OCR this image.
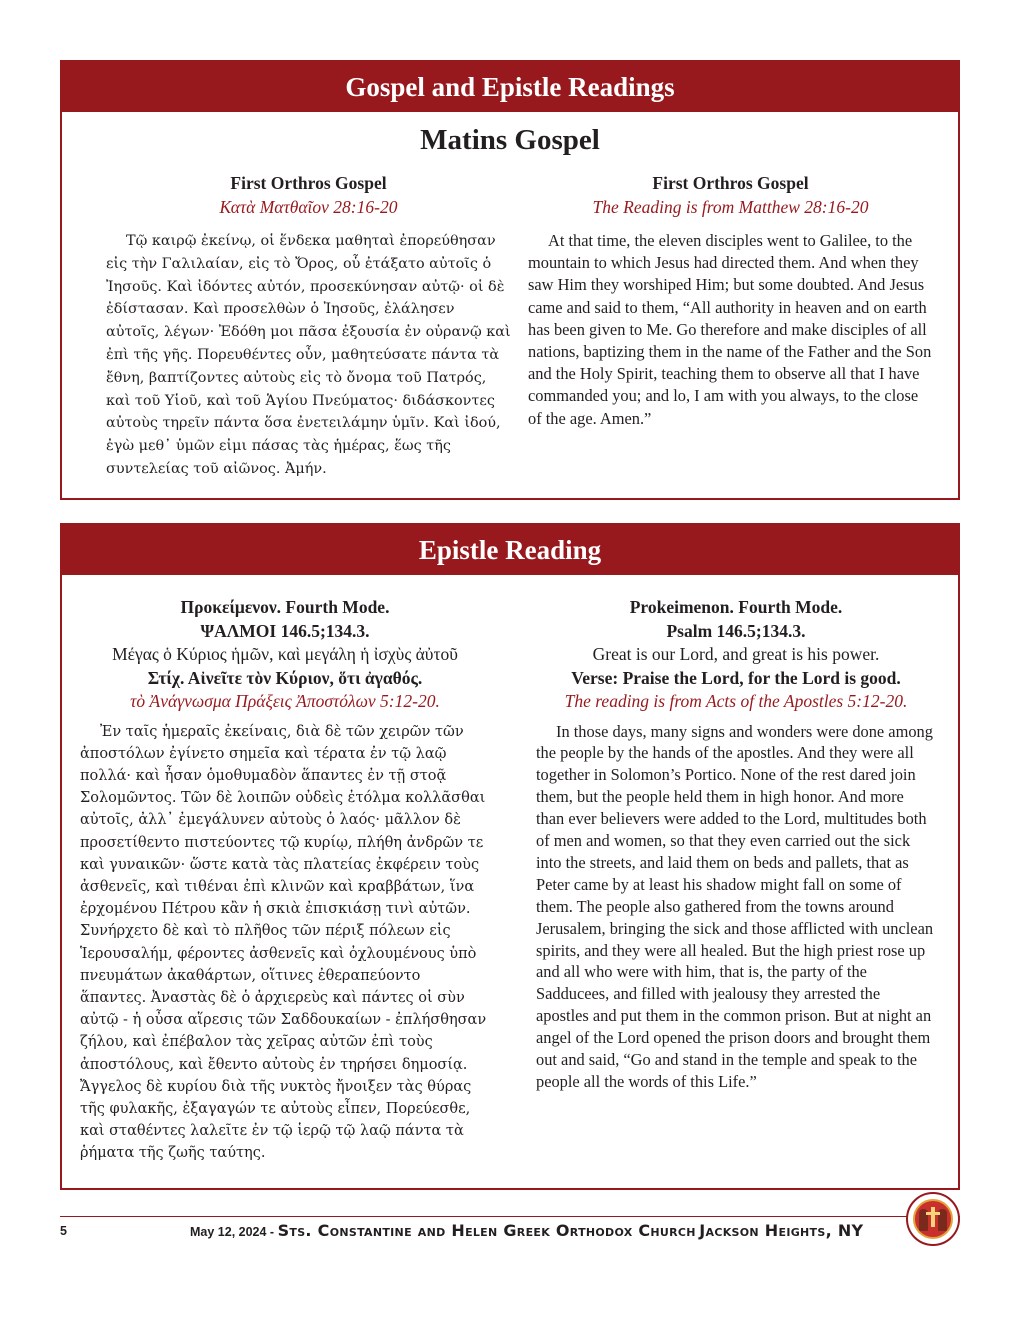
Gospel and Epistle Readings
Matins Gospel
First Orthros Gospel
Κατὰ Ματθαῖον 28:16-20

Τῷ καιρῷ ἐκείνῳ, οἱ ἕνδεκα μαθηταὶ ἐπορεύθησαν εἰς τὴν Γαλιλαίαν, εἰς τὸ Ὄρος, οὗ ἐτάξατο αὐτοῖς ὁ Ἰησοῦς. Καὶ ἰδόντες αὐτόν, προσεκύνησαν αὐτῷ· οἱ δὲ ἐδίστασαν. Καὶ προσελθὼν ὁ Ἰησοῦς, ἐλάλησεν αὐτοῖς, λέγων· Ἐδόθη μοι πᾶσα ἐξουσία ἐν οὐρανῷ καὶ ἐπὶ τῆς γῆς. Πορευθέντες οὖν, μαθητεύσατε πάντα τὰ ἔθνη, βαπτίζοντες αὐτοὺς εἰς τὸ ὄνομα τοῦ Πατρός, καὶ τοῦ Υἱοῦ, καὶ τοῦ Ἁγίου Πνεύματος· διδάσκοντες αὐτοὺς τηρεῖν πάντα ὅσα ἐνετειλάμην ὑμῖν. Καὶ ἰδού, ἐγὼ μεθ᾽ ὑμῶν εἰμι πάσας τὰς ἡμέρας, ἕως τῆς συντελείας τοῦ αἰῶνος. Ἀμήν.

First Orthros Gospel
The Reading is from Matthew 28:16-20

At that time, the eleven disciples went to Galilee, to the mountain to which Jesus had directed them. And when they saw Him they worshiped Him; but some doubted. And Jesus came and said to them, “All authority in heaven and on earth has been given to Me. Go therefore and make disciples of all nations, baptizing them in the name of the Father and the Son and the Holy Spirit, teaching them to observe all that I have commanded you; and lo, I am with you always, to the close of the age. Amen.”

Epistle Reading
Προκείμενον. Fourth Mode.
ΨΑΛΜΟΙ 146.5;134.3.
Μέγας ὁ Κύριος ἡμῶν, καὶ μεγάλη ἡ ἰσχὺς ἀὐτοῦ
Στίχ. Αἰνεῖτε τὸν Κύριον, ὅτι ἀγαθός.
τὸ Ἀνάγνωσμα Πράξεις Ἀποστόλων 5:12-20.

Ἐν ταῖς ἡμεραῖς ἐκείναις, διὰ δὲ τῶν χειρῶν τῶν ἀποστόλων ἐγίνετο σημεῖα καὶ τέρατα ἐν τῷ λαῷ πολλά· καὶ ἦσαν ὁμοθυμαδὸν ἅπαντες ἐν τῇ στοᾷ Σολομῶντος. Τῶν δὲ λοιπῶν οὐδεὶς ἐτόλμα κολλᾶσθαι αὐτοῖς, ἀλλ᾽ ἐμεγάλυνεν αὐτοὺς ὁ λαός· μᾶλλον δὲ προσετίθεντο πιστεύοντες τῷ κυρίῳ, πλήθη ἀνδρῶν τε καὶ γυναικῶν· ὥστε κατὰ τὰς πλατείας ἐκφέρειν τοὺς ἀσθενεῖς, καὶ τιθέναι ἐπὶ κλινῶν καὶ κραββάτων, ἵνα ἐρχομένου Πέτρου κἂν ἡ σκιὰ ἐπισκιάσῃ τινὶ αὐτῶν. Συνήρχετο δὲ καὶ τὸ πλῆθος τῶν πέριξ πόλεων εἰς Ἱερουσαλήμ, φέροντες ἀσθενεῖς καὶ ὀχλουμένους ὑπὸ πνευμάτων ἀκαθάρτων, οἵτινες ἐθεραπεύοντο ἅπαντες. Ἀναστὰς δὲ ὁ ἀρχιερεὺς καὶ πάντες οἱ σὺν αὐτῷ - ἡ οὖσα αἵρεσις τῶν Σαδδουκαίων - ἐπλήσθησαν ζήλου, καὶ ἐπέβαλον τὰς χεῖρας αὐτῶν ἐπὶ τοὺς ἀποστόλους, καὶ ἔθεντο αὐτοὺς ἐν τηρήσει δημοσίᾳ. Ἄγγελος δὲ κυρίου διὰ τῆς νυκτὸς ἤνοιξεν τὰς θύρας τῆς φυλακῆς, ἐξαγαγών τε αὐτοὺς εἶπεν, Πορεύεσθε, καὶ σταθέντες λαλεῖτε ἐν τῷ ἱερῷ τῷ λαῷ πάντα τὰ ῥήματα τῆς ζωῆς ταύτης.

Prokeimenon. Fourth Mode.
Psalm 146.5;134.3.
Great is our Lord, and great is his power.
Verse: Praise the Lord, for the Lord is good.
The reading is from Acts of the Apostles 5:12-20.

In those days, many signs and wonders were done among the people by the hands of the apostles. And they were all together in Solomon’s Portico. None of the rest dared join them, but the people held them in high honor. And more than ever believers were added to the Lord, multitudes both of men and women, so that they even carried out the sick into the streets, and laid them on beds and pallets, that as Peter came by at least his shadow might fall on some of them. The people also gathered from the towns around Jerusalem, bringing the sick and those afflicted with unclean spirits, and they were all healed. But the high priest rose up and all who were with him, that is, the party of the Sadducees, and filled with jealousy they arrested the apostles and put them in the common prison. But at night an angel of the Lord opened the prison doors and brought them out and said, “Go and stand in the temple and speak to the people all the words of this Life.”

5	May 12, 2024 - Sts. Constantine and Helen Greek Orthodox Church Jackson Heights, NY
